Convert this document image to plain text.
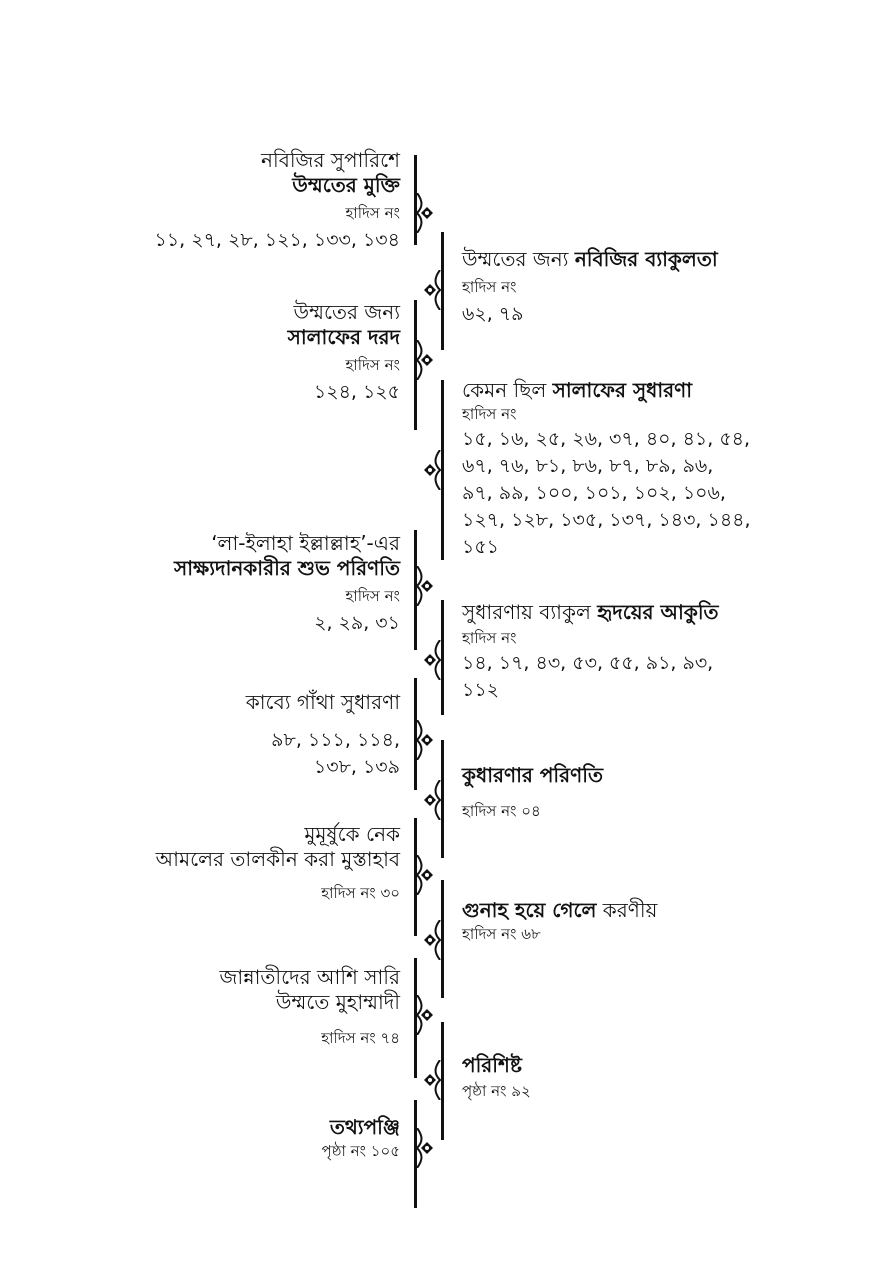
নবিজির সুপারিশে
উম্মতের মুক্তি
হাদিস নং
১১, ২৭, ২৮, ১২১, ১৩৩, ১৩৪
উম্মতের জন্য
সালাফের দরদ
হাদিস নং
১২৪, ১২৫
‘লা-ইলাহা ইল্লাল্লাহ’-এর
সাক্ষ্যদানকারীর শুভ পরিণতি
হাদিস নং
২, ২৯, ৩১
কাব্যে গাঁথা সুধারণা
৯৮, ১১১, ১১৪,
১৩৮, ১৩৯
মুমূর্ষুকে নেক
আমলের তালকীন করা মুস্তাহাব
হাদিস নং ৩০
জান্নাতীদের আশি সারি
উম্মতে মুহাম্মাদী
হাদিস নং ৭৪
তথ্যপঞ্জি
পৃষ্ঠা নং ১০৫
উম্মতের জন্য নবিজির ব্যাকুলতা
হাদিস নং
৬২, ৭৯
কেমন ছিল সালাফের সুধারণা
হাদিস নং
১৫, ১৬, ২৫, ২৬, ৩৭, ৪০, ৪১, ৫৪,
৬৭, ৭৬, ৮১, ৮৬, ৮৭, ৮৯, ৯৬,
৯৭, ৯৯, ১০০, ১০১, ১০২, ১০৬,
১২৭, ১২৮, ১৩৫, ১৩৭, ১৪৩, ১৪৪,
১৫১
সুধারণায় ব্যাকুল হৃদয়ের আকুতি
হাদিস নং
১৪, ১৭, ৪৩, ৫৩, ৫৫, ৯১, ৯৩,
১১২
কুধারণার পরিণতি
হাদিস নং ০৪
গুনাহ হয়ে গেলে করণীয়
হাদিস নং ৬৮
পরিশিষ্ট
পৃষ্ঠা নং ৯২
